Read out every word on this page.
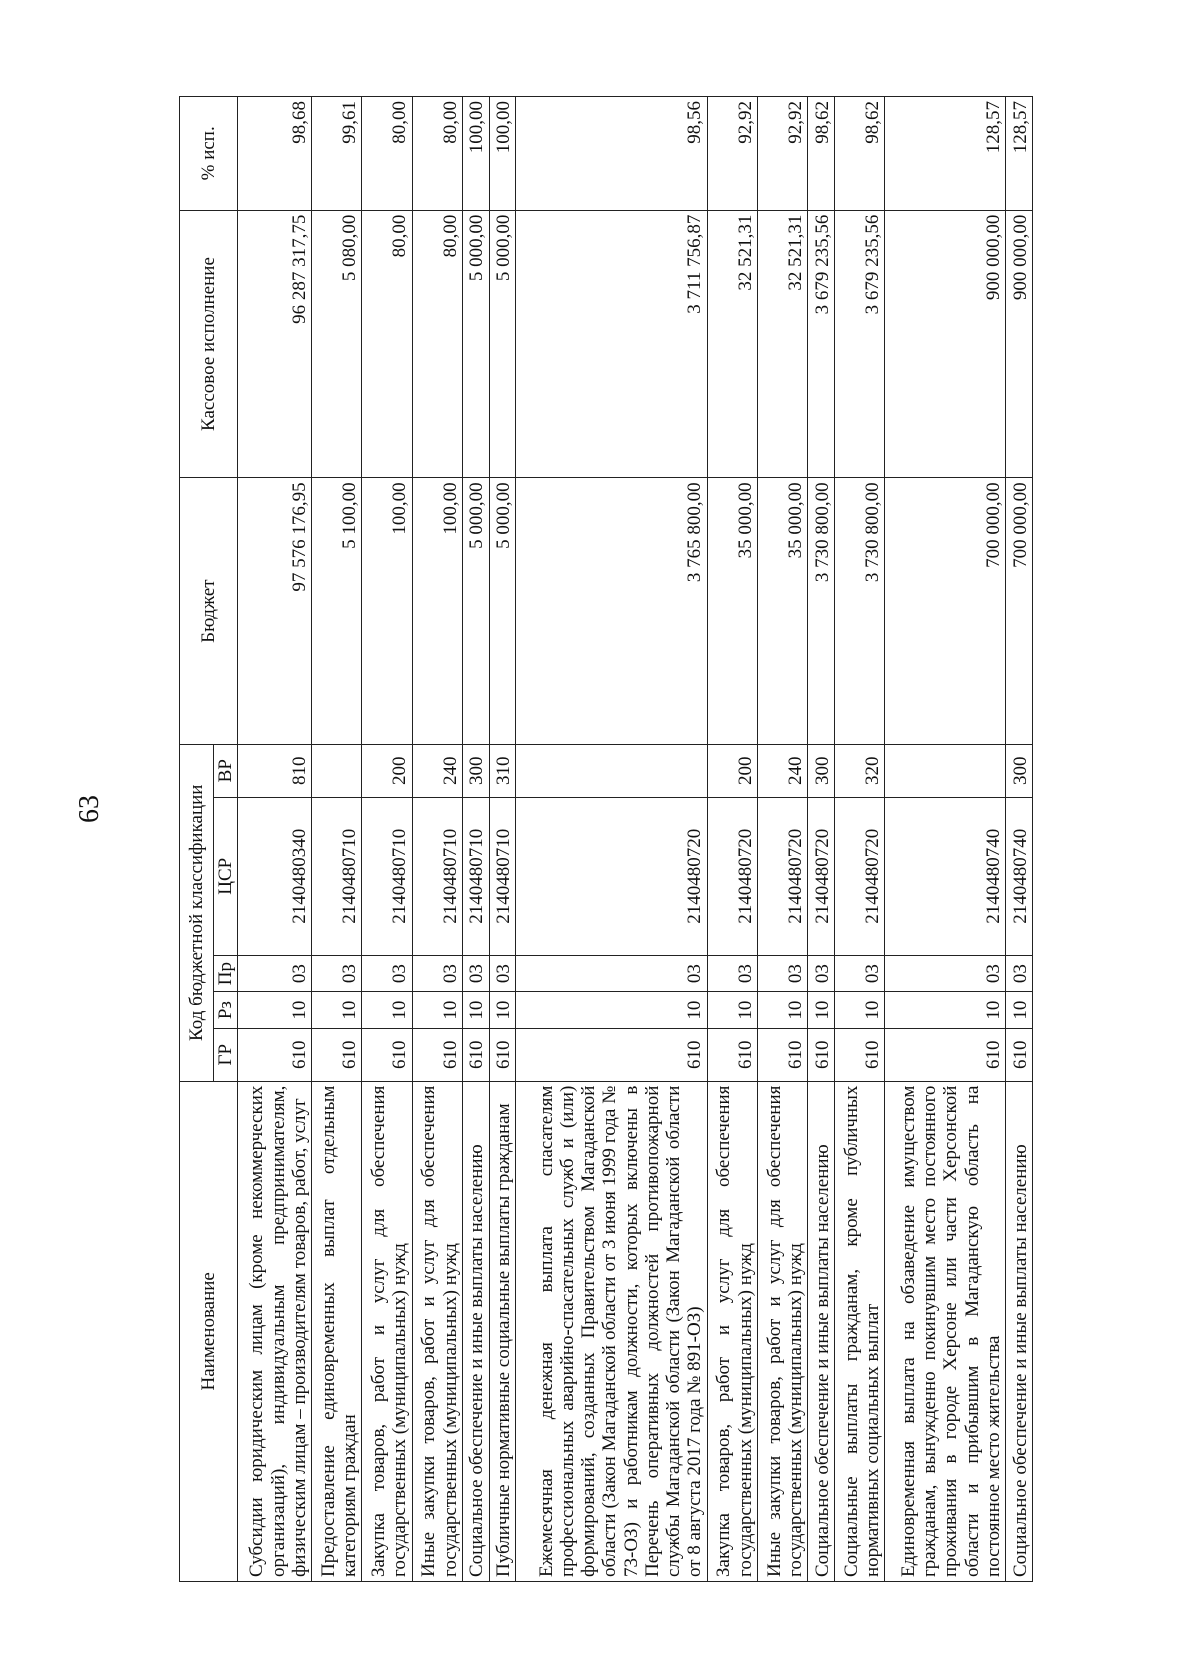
63
Наименование	Код бюджетной классификации					Бюджет	Кассовое исполнение	% исп.

	ГР	Рз	Пр	ЦСР	ВР			
Субсидии юридическим лицам (кроме некоммерческих организаций), индивидуальным предпринимателям, физическим лицам – производителям товаров, работ, услуг	610	10	03	2140480340	810	97 576 176,95	96 287 317,75	98,68
Предоставление единовременных выплат отдельным категориям граждан	610	10	03	2140480710		5 100,00	5 080,00	99,61
Закупка товаров, работ и услуг для обеспечения государственных (муниципальных) нужд	610	10	03	2140480710	200	100,00	80,00	80,00
Иные закупки товаров, работ и услуг для обеспечения государственных (муниципальных) нужд	610	10	03	2140480710	240	100,00	80,00	80,00
Социальное обеспечение и иные выплаты населению	610	10	03	2140480710	300	5 000,00	5 000,00	100,00
Публичные нормативные социальные выплаты гражданам	610	10	03	2140480710	310	5 000,00	5 000,00	100,00
Ежемесячная денежная выплата спасателям профессиональных аварийно-спасательных служб и (или) формирований, созданных Правительством Магаданской области (Закон Магаданской области от 3 июня 1999 года № 73-ОЗ) и работникам должности, которых включены в Перечень оперативных должностей противопожарной службы Магаданской области (Закон Магаданской области от 8 августа 2017 года № 891-ОЗ)	610	10	03	2140480720		3 765 800,00	3 711 756,87	98,56
Закупка товаров, работ и услуг для обеспечения государственных (муниципальных) нужд	610	10	03	2140480720	200	35 000,00	32 521,31	92,92
Иные закупки товаров, работ и услуг для обеспечения государственных (муниципальных) нужд	610	10	03	2140480720	240	35 000,00	32 521,31	92,92
Социальное обеспечение и иные выплаты населению	610	10	03	2140480720	300	3 730 800,00	3 679 235,56	98,62
Социальные выплаты гражданам, кроме публичных нормативных социальных выплат	610	10	03	2140480720	320	3 730 800,00	3 679 235,56	98,62
Единовременная выплата на обзаведение имуществом гражданам, вынужденно покинувшим место постоянного проживания в городе Херсоне или части Херсонской области и прибывшим в Магаданскую область на постоянное место жительства	610	10	03	2140480740		700 000,00	900 000,00	128,57
Социальное обеспечение и иные выплаты населению	610	10	03	2140480740	300	700 000,00	900 000,00	128,57
